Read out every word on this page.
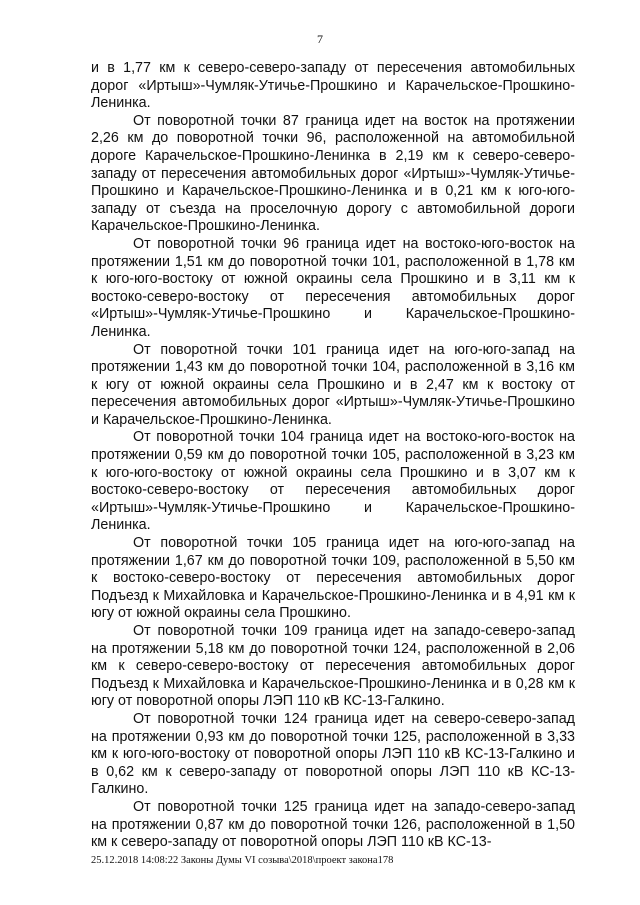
7

и в 1,77 км к северо-северо-западу от пересечения автомобильных дорог «Иртыш»-Чумляк-Утичье-Прошкино и Карачельское-Прошкино-Ленинка.

От поворотной точки 87 граница идет на восток на протяжении 2,26 км до поворотной точки 96, расположенной на автомобильной дороге Карачельское-Прошкино-Ленинка в 2,19 км к северо-северо-западу от пересечения автомобильных дорог «Иртыш»-Чумляк-Утичье-Прошкино и Карачельское-Прошкино-Ленинка и в 0,21 км к юго-юго-западу от съезда на проселочную дорогу с автомобильной дороги Карачельское-Прошкино-Ленинка.

От поворотной точки 96 граница идет на востоко-юго-восток на протяжении 1,51 км до поворотной точки 101, расположенной в 1,78 км к юго-юго-востоку от южной окраины села Прошкино и в 3,11 км к востоко-северо-востоку от пересечения автомобильных дорог «Иртыш»-Чумляк-Утичье-Прошкино и Карачельское-Прошкино-Ленинка.

От поворотной точки 101 граница идет на юго-юго-запад на протяжении 1,43 км до поворотной точки 104, расположенной в 3,16 км к югу от южной окраины села Прошкино и в 2,47 км к востоку от пересечения автомобильных дорог «Иртыш»-Чумляк-Утичье-Прошкино и Карачельское-Прошкино-Ленинка.

От поворотной точки 104 граница идет на востоко-юго-восток на протяжении 0,59 км до поворотной точки 105, расположенной в 3,23 км к юго-юго-востоку от южной окраины села Прошкино и в 3,07 км к востоко-северо-востоку от пересечения автомобильных дорог «Иртыш»-Чумляк-Утичье-Прошкино и Карачельское-Прошкино-Ленинка.

От поворотной точки 105 граница идет на юго-юго-запад на протяжении 1,67 км до поворотной точки 109, расположенной в 5,50 км к востоко-северо-востоку от пересечения автомобильных дорог Подъезд к Михайловка и Карачельское-Прошкино-Ленинка и в 4,91 км к югу от южной окраины села Прошкино.

От поворотной точки 109 граница идет на западо-северо-запад на протяжении 5,18 км до поворотной точки 124, расположенной в 2,06 км к северо-северо-востоку от пересечения автомобильных дорог Подъезд к Михайловка и Карачельское-Прошкино-Ленинка и в 0,28 км к югу от поворотной опоры ЛЭП 110 кВ КС-13-Галкино.

От поворотной точки 124 граница идет на северо-северо-запад на протяжении 0,93 км до поворотной точки 125, расположенной в 3,33 км к юго-юго-востоку от поворотной опоры ЛЭП 110 кВ КС-13-Галкино и в 0,62 км к северо-западу от поворотной опоры ЛЭП 110 кВ КС-13-Галкино.

От поворотной точки 125 граница идет на западо-северо-запад на протяжении 0,87 км до поворотной точки 126, расположенной в 1,50 км к северо-западу от поворотной опоры ЛЭП 110 кВ КС-13-

25.12.2018 14:08:22 Законы Думы VI созыва\2018\проект закона178
